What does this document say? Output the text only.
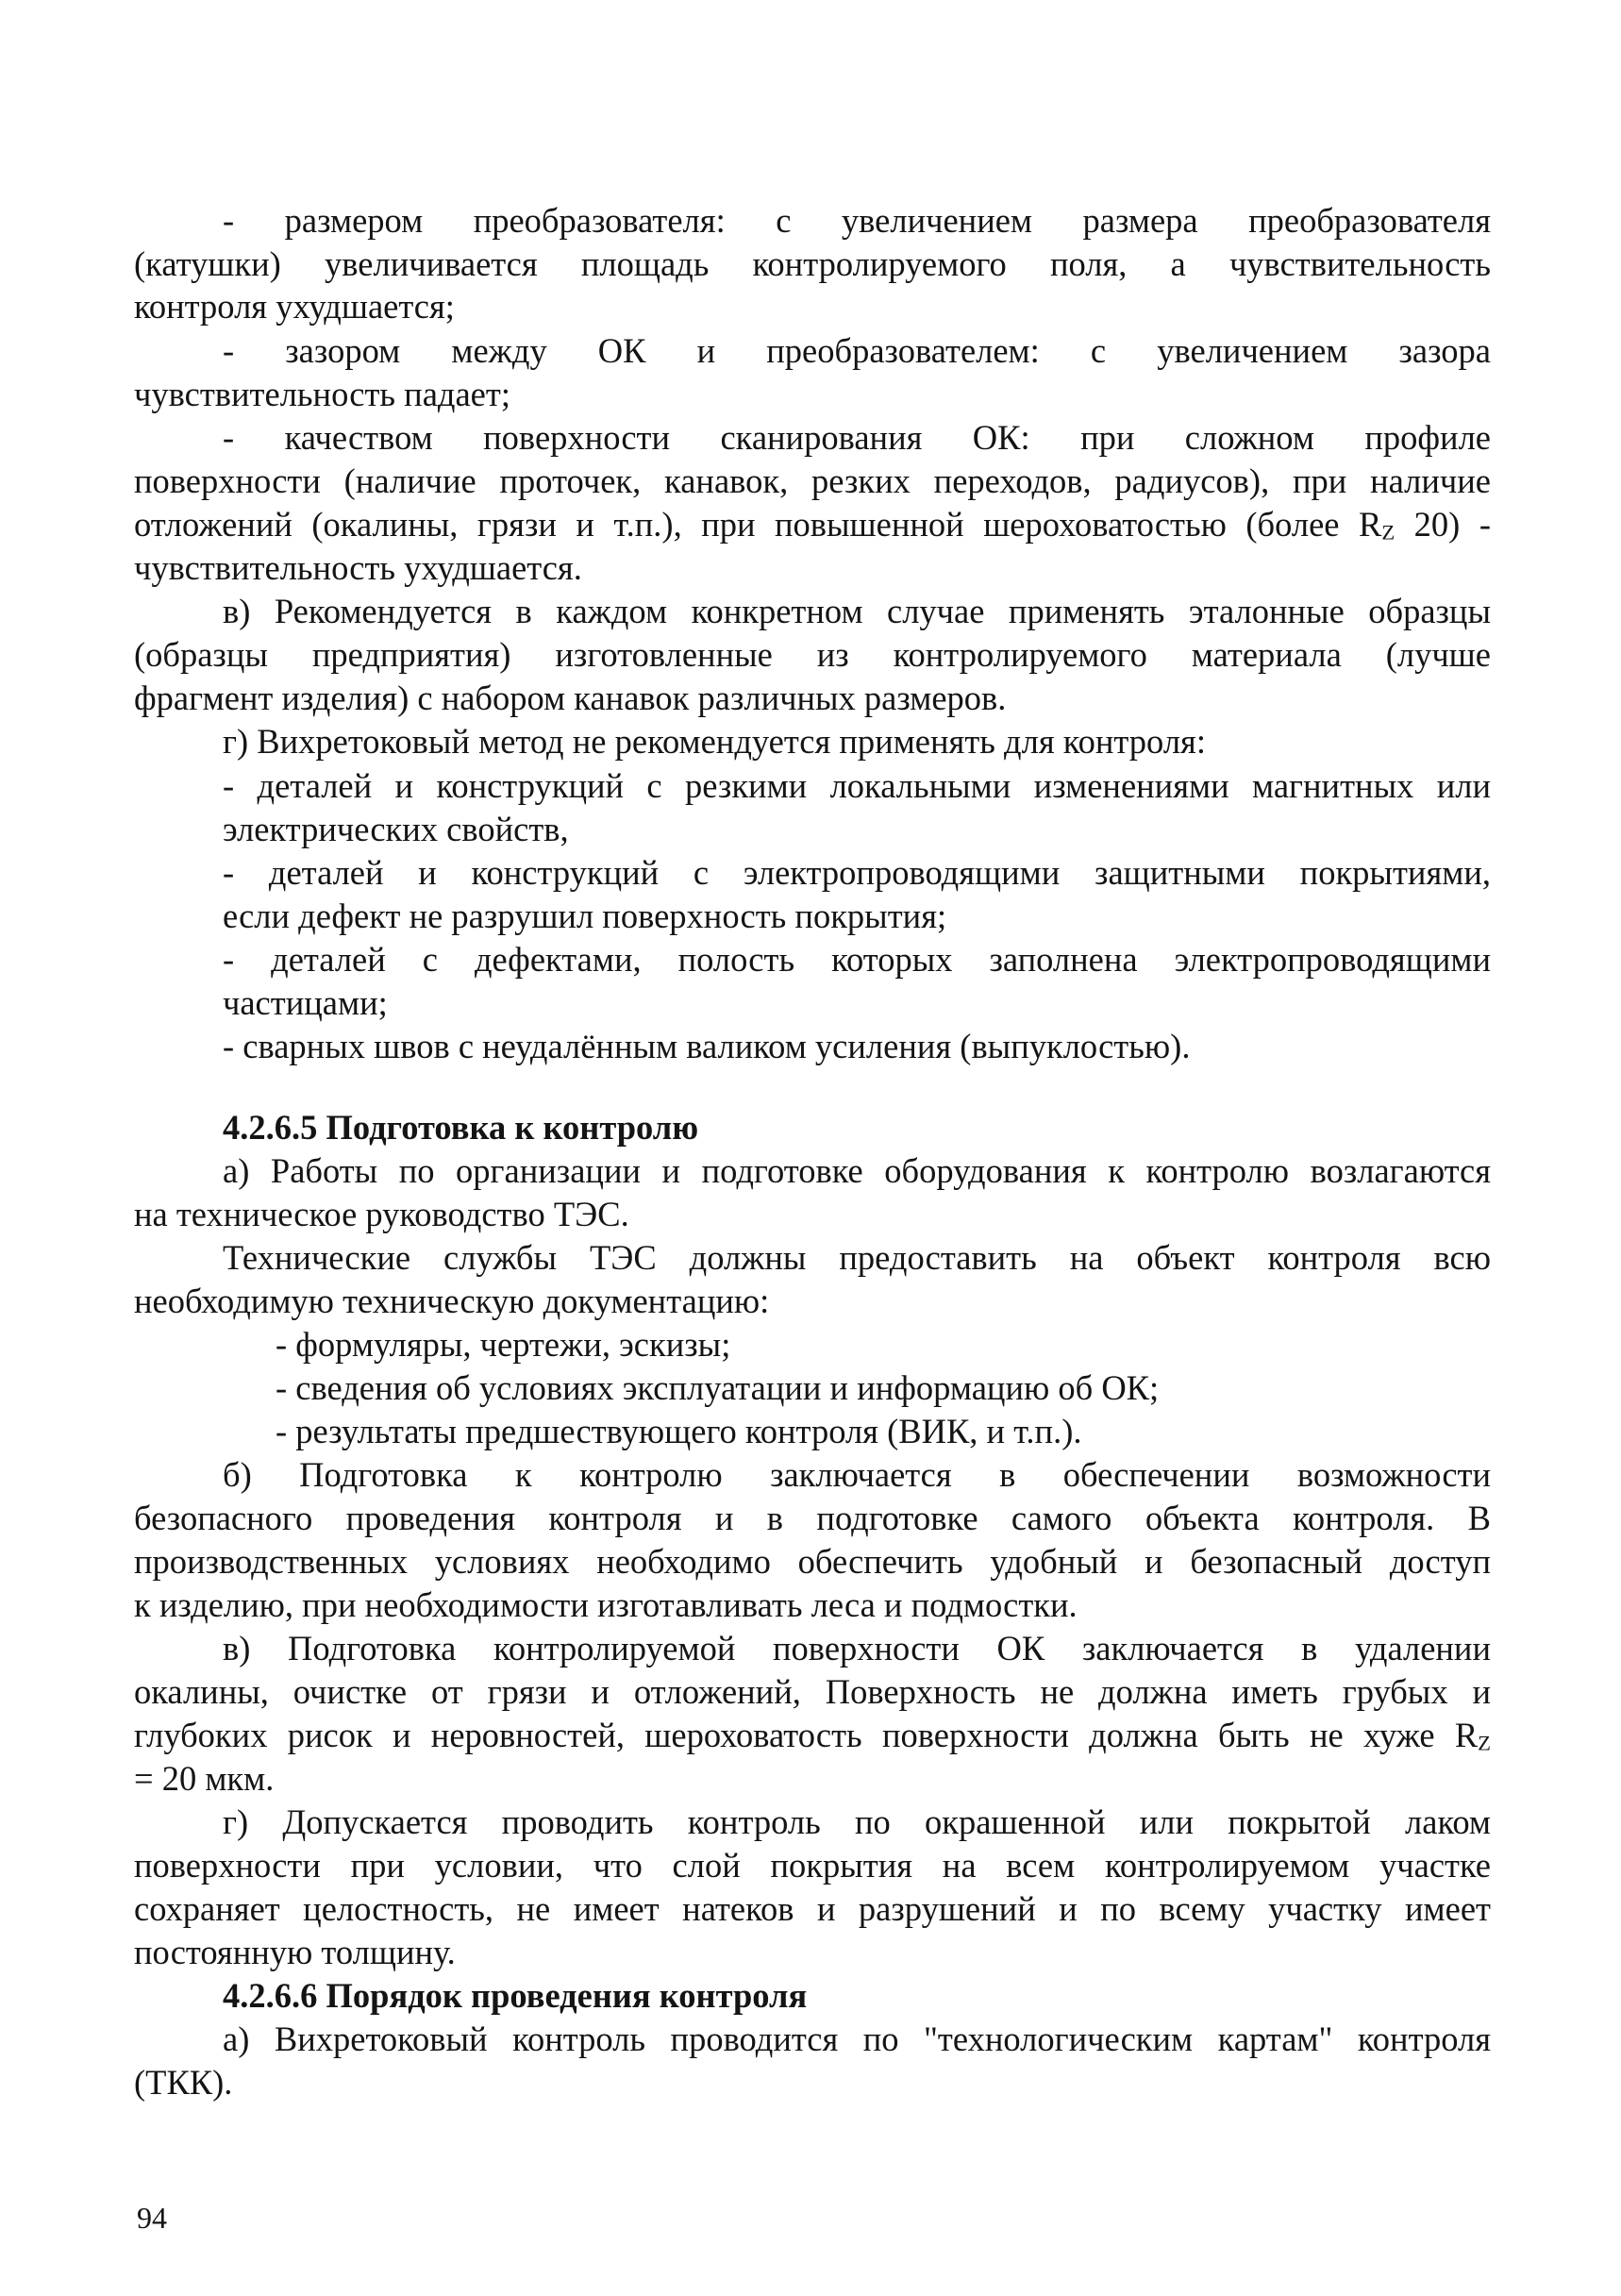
- размером преобразователя: с увеличением размера преобразователя
(катушки) увеличивается площадь контролируемого поля, а чувствительность
контроля ухудшается;
- зазором между ОК и преобразователем: с увеличением зазора
чувствительность падает;
- качеством поверхности сканирования ОК: при сложном профиле
поверхности (наличие проточек, канавок, резких переходов, радиусов), при наличие
отложений (окалины, грязи и т.п.), при повышенной шероховатостью (более $R_Z$ 20) -
чувствительность ухудшается.
в) Рекомендуется в каждом конкретном случае применять эталонные образцы
(образцы предприятия) изготовленные из контролируемого материала (лучше
фрагмент изделия) с набором канавок различных размеров.
г) Вихретоковый метод не рекомендуется применять для контроля:
- деталей и конструкций с резкими локальными изменениями магнитных или
электрических свойств,
- деталей и конструкций с электропроводящими защитными покрытиями,
если дефект не разрушил поверхность покрытия;
- деталей с дефектами, полость которых заполнена электропроводящими
частицами;
- сварных швов с неудалённым валиком усиления (выпуклостью).
4.2.6.5 Подготовка к контролю
а) Работы по организации и подготовке оборудования к контролю возлагаются
на техническое руководство ТЭС.
Технические службы ТЭС должны предоставить на объект контроля всю
необходимую техническую документацию:
- формуляры, чертежи, эскизы;
- сведения об условиях эксплуатации и информацию об ОК;
- результаты предшествующего контроля (ВИК, и т.п.).
б) Подготовка к контролю заключается в обеспечении возможности
безопасного проведения контроля и в подготовке самого объекта контроля. В
производственных условиях необходимо обеспечить удобный и безопасный доступ
к изделию, при необходимости изготавливать леса и подмостки.
в) Подготовка контролируемой поверхности ОК заключается в удалении
окалины, очистке от грязи и отложений, Поверхность не должна иметь грубых и
глубоких рисок и неровностей, шероховатость поверхности должна быть не хуже $R_Z$
= 20 мкм.
г) Допускается проводить контроль по окрашенной или покрытой лаком
поверхности при условии, что слой покрытия на всем контролируемом участке
сохраняет целостность, не имеет натеков и разрушений и по всему участку имеет
постоянную толщину.
4.2.6.6 Порядок проведения контроля
а) Вихретоковый контроль проводится по "технологическим картам" контроля
(ТКК).
94
